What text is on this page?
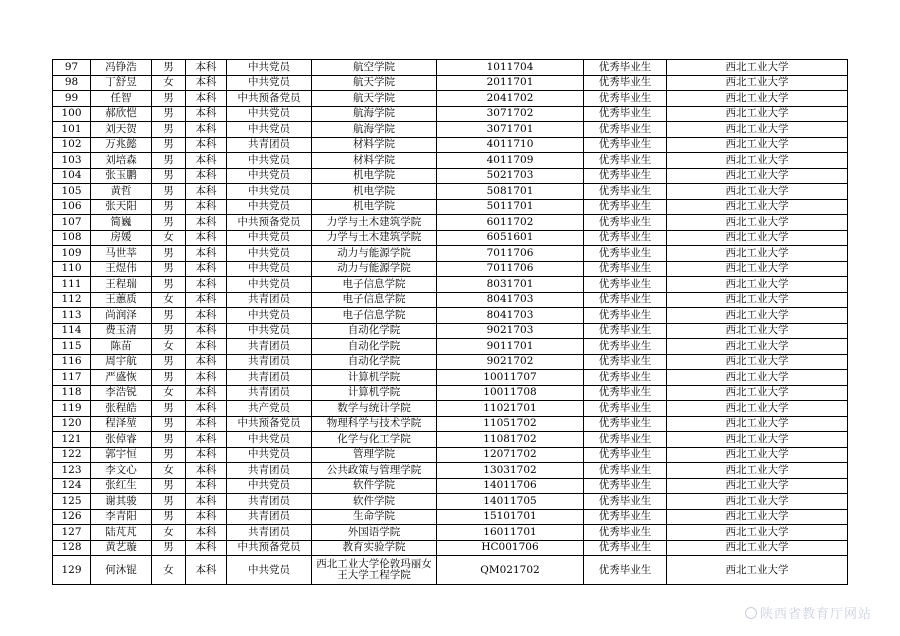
97	冯铮浩	男	本科	中共党员	航空学院	1011704	优秀毕业生	西北工业大学
98	丁舒昱	女	本科	中共党员	航天学院	2011701	优秀毕业生	西北工业大学
99	任智	男	本科	中共预备党员	航天学院	2041702	优秀毕业生	西北工业大学
100	郝欣恺	男	本科	中共党员	航海学院	3071702	优秀毕业生	西北工业大学
101	刘天贺	男	本科	中共党员	航海学院	3071701	优秀毕业生	西北工业大学
102	万兆懿	男	本科	共青团员	材料学院	4011710	优秀毕业生	西北工业大学
103	刘培森	男	本科	中共党员	材料学院	4011709	优秀毕业生	西北工业大学
104	张玉鹏	男	本科	中共党员	机电学院	5021703	优秀毕业生	西北工业大学
105	黄哲	男	本科	中共党员	机电学院	5081701	优秀毕业生	西北工业大学
106	张天阳	男	本科	中共党员	机电学院	5011701	优秀毕业生	西北工业大学
107	简巍	男	本科	中共预备党员	力学与土木建筑学院	6011702	优秀毕业生	西北工业大学
108	房媛	女	本科	中共党员	力学与土木建筑学院	6051601	优秀毕业生	西北工业大学
109	马世莘	男	本科	中共党员	动力与能源学院	7011706	优秀毕业生	西北工业大学
110	王煜伟	男	本科	中共党员	动力与能源学院	7011706	优秀毕业生	西北工业大学
111	王程瑞	男	本科	中共党员	电子信息学院	8031701	优秀毕业生	西北工业大学
112	王蕙质	女	本科	共青团员	电子信息学院	8041703	优秀毕业生	西北工业大学
113	尚润泽	男	本科	中共党员	电子信息学院	8041703	优秀毕业生	西北工业大学
114	费玉清	男	本科	中共党员	自动化学院	9021703	优秀毕业生	西北工业大学
115	陈苗	女	本科	共青团员	自动化学院	9011701	优秀毕业生	西北工业大学
116	周宇航	男	本科	共青团员	自动化学院	9021702	优秀毕业生	西北工业大学
117	严盛恢	男	本科	共青团员	计算机学院	10011707	优秀毕业生	西北工业大学
118	李浩锐	女	本科	共青团员	计算机学院	10011708	优秀毕业生	西北工业大学
119	张程皓	男	本科	共产党员	数学与统计学院	11021701	优秀毕业生	西北工业大学
120	程泽堃	男	本科	中共预备党员	物理科学与技术学院	11051702	优秀毕业生	西北工业大学
121	张倬睿	男	本科	中共党员	化学与化工学院	11081702	优秀毕业生	西北工业大学
122	郭宇恒	男	本科	中共党员	管理学院	12071702	优秀毕业生	西北工业大学
123	李文心	女	本科	共青团员	公共政策与管理学院	13031702	优秀毕业生	西北工业大学
124	张红生	男	本科	中共党员	软件学院	14011706	优秀毕业生	西北工业大学
125	谢其骏	男	本科	共青团员	软件学院	14011705	优秀毕业生	西北工业大学
126	李青阳	男	本科	共青团员	生命学院	15101701	优秀毕业生	西北工业大学
127	陆芃芃	女	本科	共青团员	外国语学院	16011701	优秀毕业生	西北工业大学
128	黄艺璇	男	本科	中共预备党员	教育实验学院	HC001706	优秀毕业生	西北工业大学
129	何沐锟	女	本科	中共党员	西北工业大学伦敦玛丽女王大学工程学院	QM021702	优秀毕业生	西北工业大学
陕西省教育厅网站
